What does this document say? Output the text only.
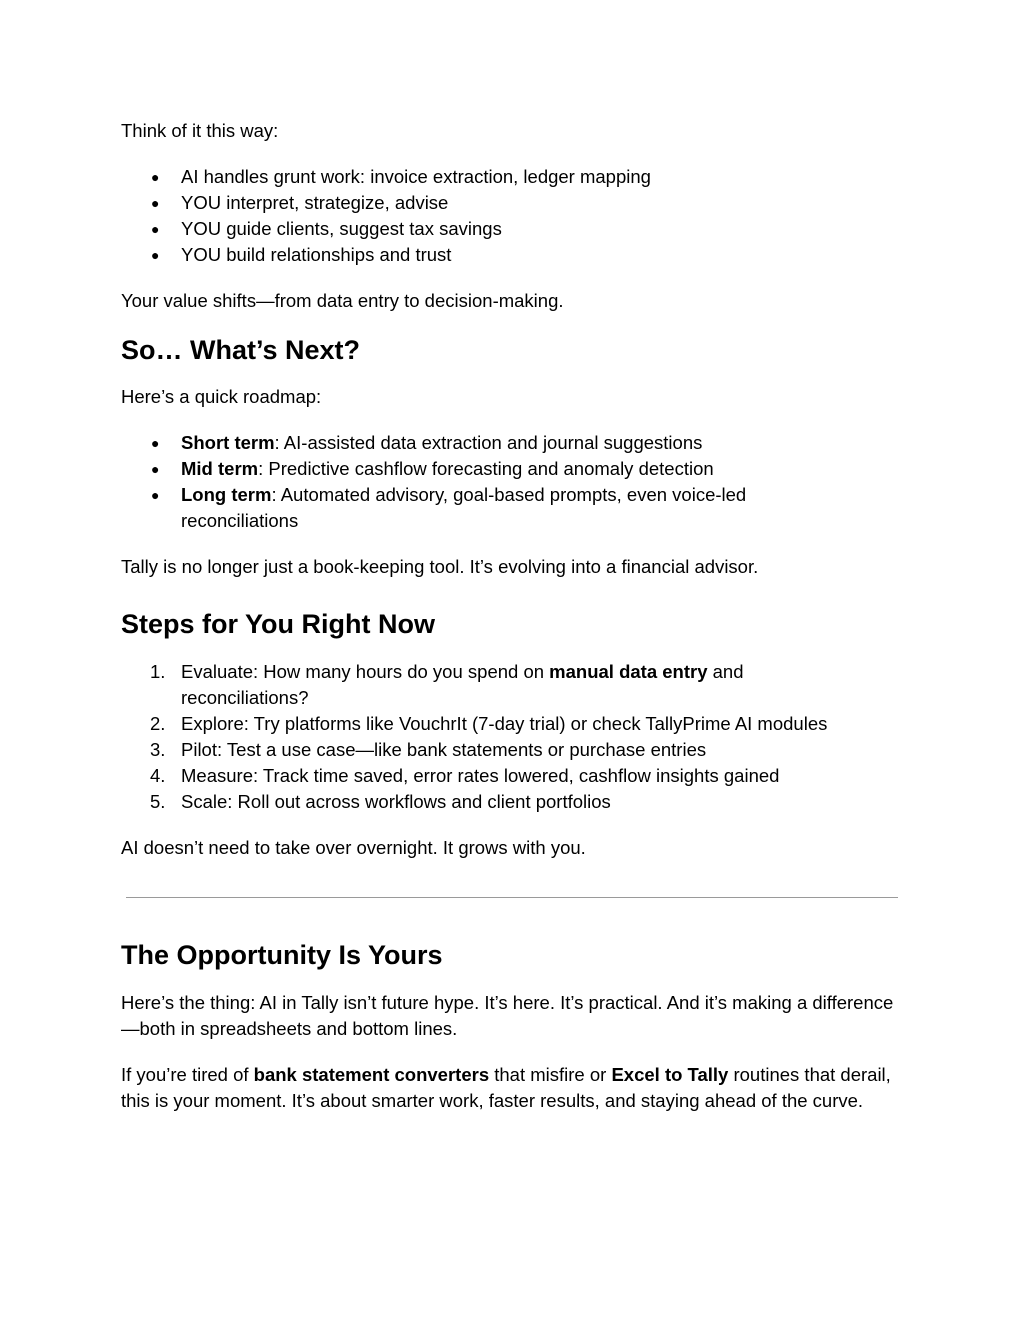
Think of it this way:

● AI handles grunt work: invoice extraction, ledger mapping
● YOU interpret, strategize, advise
● YOU guide clients, suggest tax savings
● YOU build relationships and trust

Your value shifts—from data entry to decision-making.

So… What’s Next?

Here’s a quick roadmap:

● Short term: AI-assisted data extraction and journal suggestions
● Mid term: Predictive cashflow forecasting and anomaly detection
● Long term: Automated advisory, goal-based prompts, even voice-led reconciliations

Tally is no longer just a book-keeping tool. It’s evolving into a financial advisor.

Steps for You Right Now
1. Evaluate: How many hours do you spend on manual data entry and reconciliations?
2. Explore: Try platforms like VouchrIt (7-day trial) or check TallyPrime AI modules
3. Pilot: Test a use case—like bank statements or purchase entries
4. Measure: Track time saved, error rates lowered, cashflow insights gained
5. Scale: Roll out across workflows and client portfolios

AI doesn’t need to take over overnight. It grows with you.

The Opportunity Is Yours

Here’s the thing: AI in Tally isn’t future hype. It’s here. It’s practical. And it’s making a difference—both in spreadsheets and bottom lines.

If you’re tired of bank statement converters that misfire or Excel to Tally routines that derail, this is your moment. It’s about smarter work, faster results, and staying ahead of the curve.
